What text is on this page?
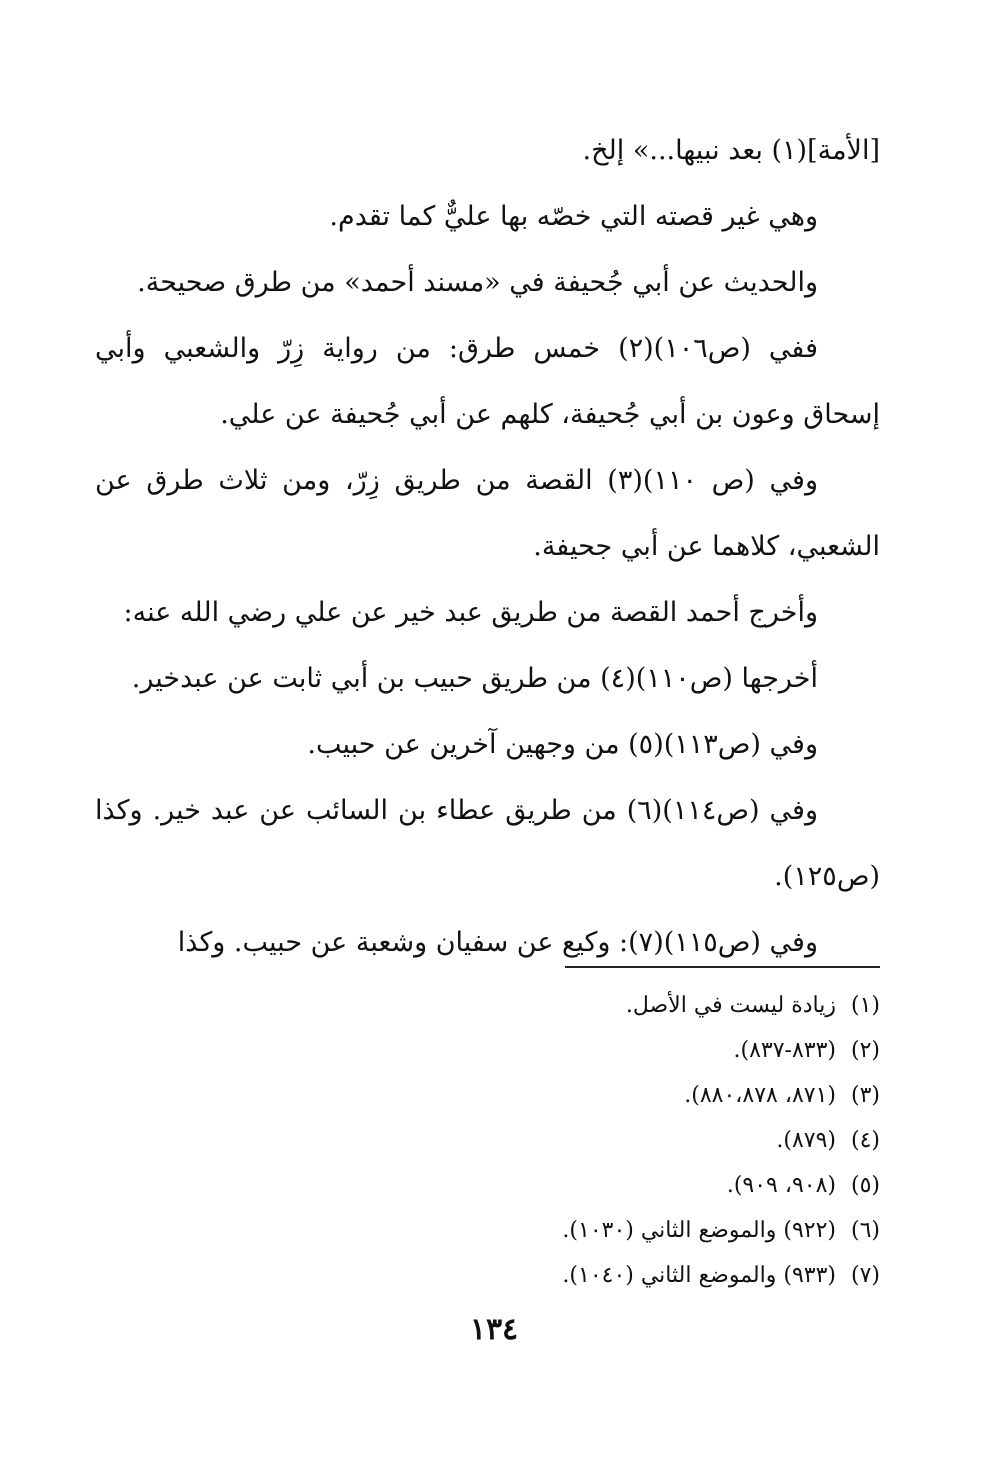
[الأمة](١) بعد نبيها...» إلخ.

وهي غير قصته التي خصّه بها عليٌّ كما تقدم.

والحديث عن أبي جُحيفة في «مسند أحمد» من طرق صحيحة.

ففي (ص١٠٦)(٢) خمس طرق: من رواية زِرّ والشعبي وأبي إسحاق وعون بن أبي جُحيفة، كلهم عن أبي جُحيفة عن علي.

وفي (ص ١١٠)(٣) القصة من طريق زِرّ، ومن ثلاث طرق عن الشعبي، كلاهما عن أبي جحيفة.

وأخرج أحمد القصة من طريق عبد خير عن علي رضي الله عنه:

أخرجها (ص١١٠)(٤) من طريق حبيب بن أبي ثابت عن عبدخير.

وفي (ص١١٣)(٥) من وجهين آخرين عن حبيب.

وفي (ص١١٤)(٦) من طريق عطاء بن السائب عن عبد خير. وكذا (ص١٢٥).

وفي (ص١١٥)(٧): وكيع عن سفيان وشعبة عن حبيب. وكذا

(١)زيادة ليست في الأصل.

(٢)(٨٣٣-٨٣٧).

(٣)(٨٧١، ٨٨٠،٨٧٨).

(٤)(٨٧٩).

(٥)(٩٠٨، ٩٠٩).

(٦)(٩٢٢) والموضع الثاني (١٠٣٠).

(٧)(٩٣٣) والموضع الثاني (١٠٤٠).

١٣٤
